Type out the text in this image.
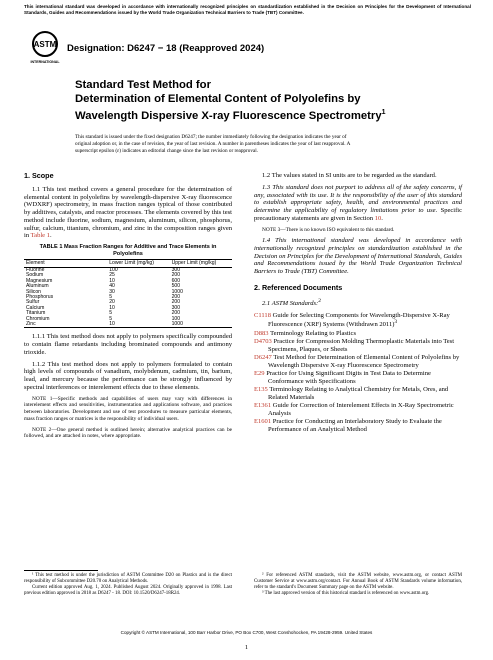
This international standard was developed in accordance with internationally recognized principles on standardization established in the Decision on Principles for the Development of International Standards, Guides and Recommendations issued by the World Trade Organization Technical Barriers to Trade (TBT) Committee.
ASTM
INTERNATIONAL
Designation: D6247 − 18 (Reapproved 2024)
Standard Test Method for
Determination of Elemental Content of Polyolefins by
Wavelength Dispersive X-ray Fluorescence Spectrometry$^1$
This standard is issued under the fixed designation D6247; the number immediately following the designation indicates the year of
original adoption or, in the case of revision, the year of last revision. A number in parentheses indicates the year of last reapproval. A
superscript epsilon (ε) indicates an editorial change since the last revision or reapproval.
1. Scope

1.1 This test method covers a general procedure for the determination of elemental content in polyolefins by wavelength-dispersive X-ray fluorescence (WDXRF) spectrometry, in mass fraction ranges typical of those contributed by additives, catalysts, and reactor processes. The elements covered by this test method include fluorine, sodium, magnesium, aluminum, silicon, phosphorus, sulfur, calcium, titanium, chromium, and zinc in the composition ranges given in Table 1.

TABLE 1 Mass Fraction Ranges for Additive and Trace Elements in Polyolefins
Element	Lower Limit (mg/kg)	Upper Limit (mg/kg)
Fluorine	100	300
Sodium	25	200
Magnesium	10	600
Aluminum	40	500
Silicon	30	1000
Phosphorus	5	200
Sulfur	20	200
Calcium	10	300
Titanium	5	200
Chromium	5	100
Zinc	10	1000

1.1.1 This test method does not apply to polymers specifically compounded to contain flame retardants including brominated compounds and antimony trioxide.

1.1.2 This test method does not apply to polymers formulated to contain high levels of compounds of vanadium, molybdenum, cadmium, tin, barium, lead, and mercury because the performance can be strongly influenced by spectral interferences or interelement effects due to these elements.

NOTE 1—Specific methods and capabilities of users may vary with differences in interelement effects and sensitivities, instrumentation and applications software, and practices between laboratories. Development and use of test procedures to measure particular elements, mass fraction ranges or matrices is the responsibility of individual users.

NOTE 2—One general method is outlined herein; alternative analytical practices can be followed, and are attached in notes, where appropriate.

1.2 The values stated in SI units are to be regarded as the standard.

1.3 This standard does not purport to address all of the safety concerns, if any, associated with its use. It is the responsibility of the user of this standard to establish appropriate safety, health, and environmental practices and determine the applicability of regulatory limitations prior to use. Specific precautionary statements are given in Section 10.

NOTE 3—There is no known ISO equivalent to this standard.

1.4 This international standard was developed in accordance with internationally recognized principles on standardization established in the Decision on Principles for the Development of International Standards, Guides and Recommendations issued by the World Trade Organization Technical Barriers to Trade (TBT) Committee.

2. Referenced Documents

2.1 ASTM Standards:$^2$

C1118 Guide for Selecting Components for Wavelength-Dispersive X-Ray Fluorescence (XRF) Systems (Withdrawn 2011)$^3$
D883 Terminology Relating to Plastics
D4703 Practice for Compression Molding Thermoplastic Materials into Test Specimens, Plaques, or Sheets
D6247 Test Method for Determination of Elemental Content of Polyolefins by Wavelength Dispersive X-ray Fluorescence Spectrometry
E29 Practice for Using Significant Digits in Test Data to Determine Conformance with Specifications
E135 Terminology Relating to Analytical Chemistry for Metals, Ores, and Related Materials
E1361 Guide for Correction of Interelement Effects in X-Ray Spectrometric Analysis
E1601 Practice for Conducting an Interlaboratory Study to Evaluate the Performance of an Analytical Method
¹ This test method is under the jurisdiction of ASTM Committee D20 on Plastics and is the direct responsibility of Subcommittee D20.70 on Analytical Methods.
Current edition approved Aug. 1, 2024. Published August 2024. Originally approved in 1998. Last previous edition approved in 2018 as D6247 - 18. DOI: 10.1520/D6247-18R24.
² For referenced ASTM standards, visit the ASTM website, www.astm.org, or contact ASTM Customer Service at www.astm.org/contact. For Annual Book of ASTM Standards volume information, refer to the standard's Document Summary page on the ASTM website.
³ The last approved version of this historical standard is referenced on www.astm.org.
Copyright © ASTM International, 100 Barr Harbor Drive, PO Box C700, West Conshohocken, PA 19428-2959. United States
1
